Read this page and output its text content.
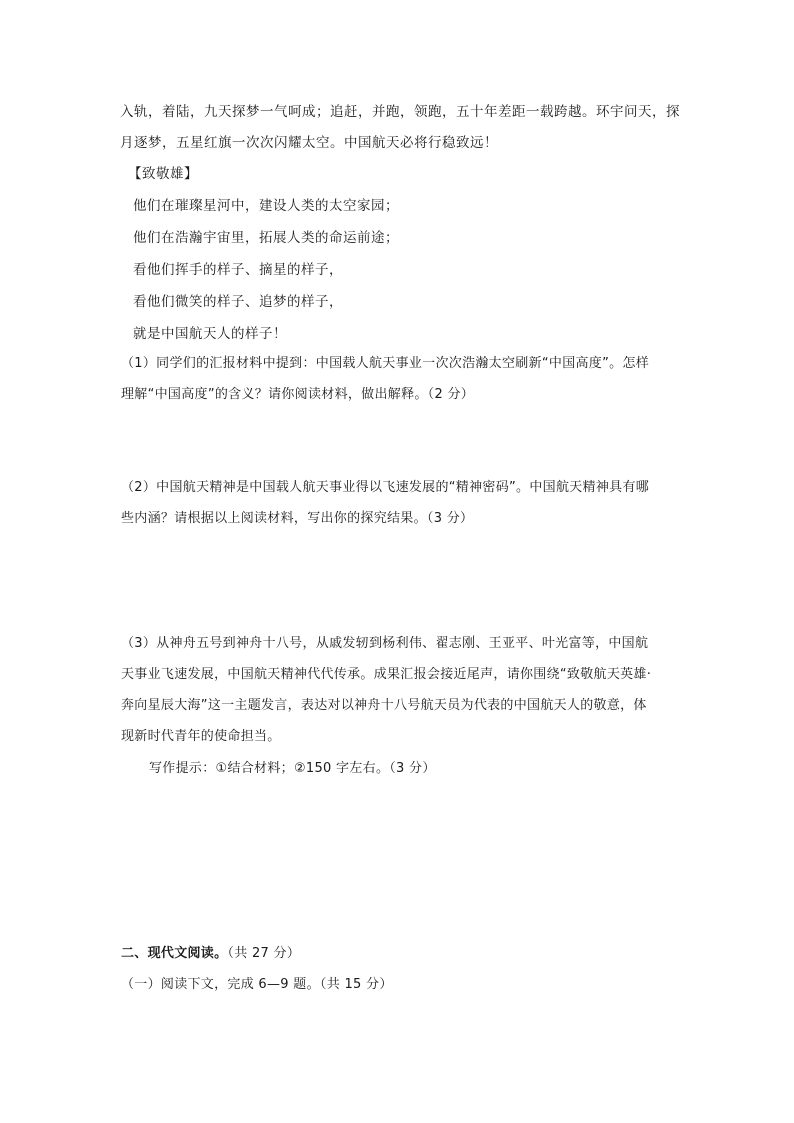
入轨，着陆，九天探梦一气呵成；追赶，并跑，领跑，五十年差距一载跨越。环宇问天，探
月逐梦，五星红旗一次次闪耀太空。中国航天必将行稳致远！
【致敬雄】
他们在璀璨星河中，建设人类的太空家园；
他们在浩瀚宇宙里，拓展人类的命运前途；
看他们挥手的样子、摘星的样子，
看他们微笑的样子、追梦的样子，
就是中国航天人的样子！
（1）同学们的汇报材料中提到：中国载人航天事业一次次浩瀚太空刷新“中国高度”。怎样
理解“中国高度”的含义？请你阅读材料，做出解释。（2 分）
（2）中国航天精神是中国载人航天事业得以飞速发展的“精神密码”。中国航天精神具有哪
些内涵？请根据以上阅读材料，写出你的探究结果。（3 分）
（3）从神舟五号到神舟十八号，从戚发轫到杨利伟、翟志刚、王亚平、叶光富等，中国航
天事业飞速发展，中国航天精神代代传承。成果汇报会接近尾声，请你围绕“致敬航天英雄·
奔向星辰大海”这一主题发言，表达对以神舟十八号航天员为代表的中国航天人的敬意，体
现新时代青年的使命担当。
写作提示：①结合材料；②150 字左右。（3 分）
二、现代文阅读。（共 27 分）
（一）阅读下文，完成 6—9 题。（共 15 分）
